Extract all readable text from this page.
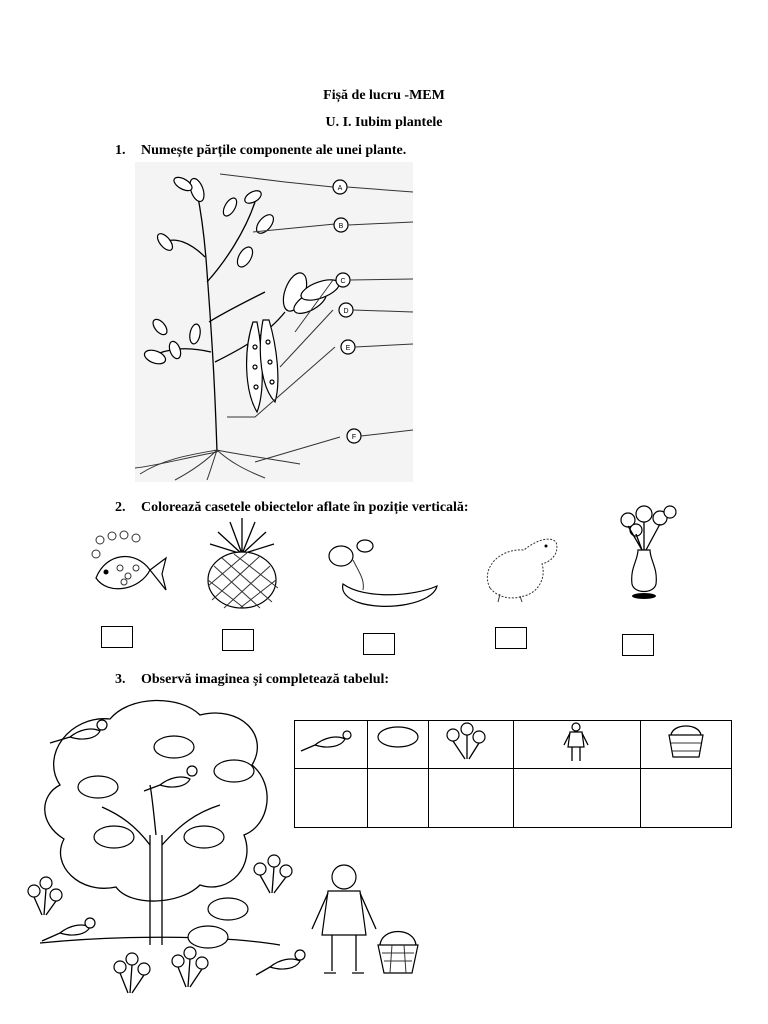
Fișă de lucru -MEM
U. I. Iubim plantele
1. Numește părțile componente ale unei plante.
A
B
C
D
E
F
2. Colorează casetele obiectelor aflate în poziție verticală:
3. Observă imaginea și completează tabelul:
